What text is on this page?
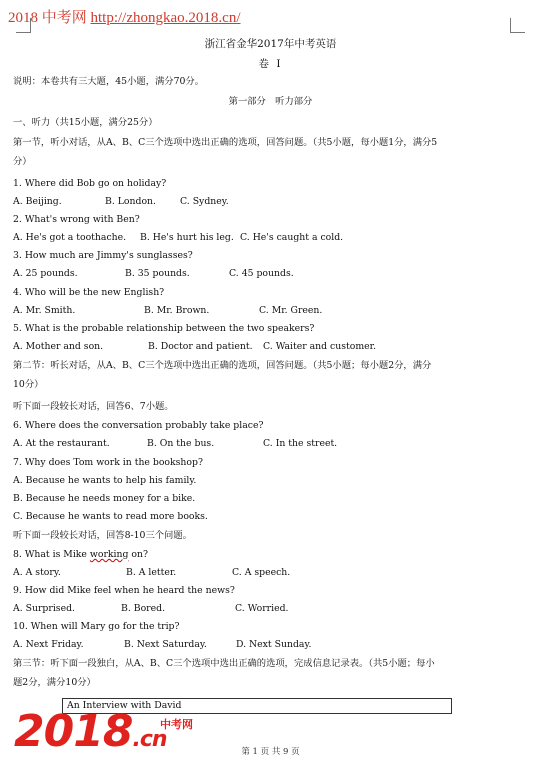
2018 中考网 http://zhongkao.2018.cn/
浙江省金华2017年中考英语
卷 Ⅰ
说明：本卷共有三大题，45小题，满分70分。
第一部分　听力部分
一、听力（共15小题，满分25分）
第一节，听小对话，从A、B、C三个选项中选出正确的选项，回答问题。（共5小题，每小题1分，满分5
分）
1. Where did Bob go on holiday?
A. Beijing.	B. London.	C. Sydney.
2. What's wrong with Ben?
A. He's got a toothache. B. He's hurt his leg. C. He's caught a cold.
3. How much are Jimmy's sunglasses?
A. 25 pounds.	B. 35 pounds.	C. 45 pounds.
4. Who will be the new English?
A. Mr. Smith.	B. Mr. Brown.	C. Mr. Green.
5. What is the probable relationship between the two speakers?
A. Mother and son.	B. Doctor and patient. C. Waiter and customer.
第二节：听长对话，从A、B、C三个选项中选出正确的选项，回答问题。（共5小题；每小题2分，满分
10分）
听下面一段较长对话，回答6、7小题。
6. Where does the conversation probably take place?
A. At the restaurant.	B. On the bus.	C. In the street.
7. Why does Tom work in the bookshop?
A. Because he wants to help his family.
B. Because he needs money for a bike.
C. Because he wants to read more books.
听下面一段较长对话，回答8-10三个问题。
8. What is Mike working on?
A. A story.	B. A letter.	C. A speech.
9. How did Mike feel when he heard the news?
A. Surprised.	B. Bored.	C. Worried.
10. When will Mary go for the trip?
A. Next Friday.	B. Next Saturday.	D. Next Sunday.
第三节：听下面一段独白，从A、B、C三个选项中选出正确的选项，完成信息记录表。（共5小题；每小
题2分，满分10分）
An Interview with David
2018.cn
中考网
第 1 页 共 9 页
